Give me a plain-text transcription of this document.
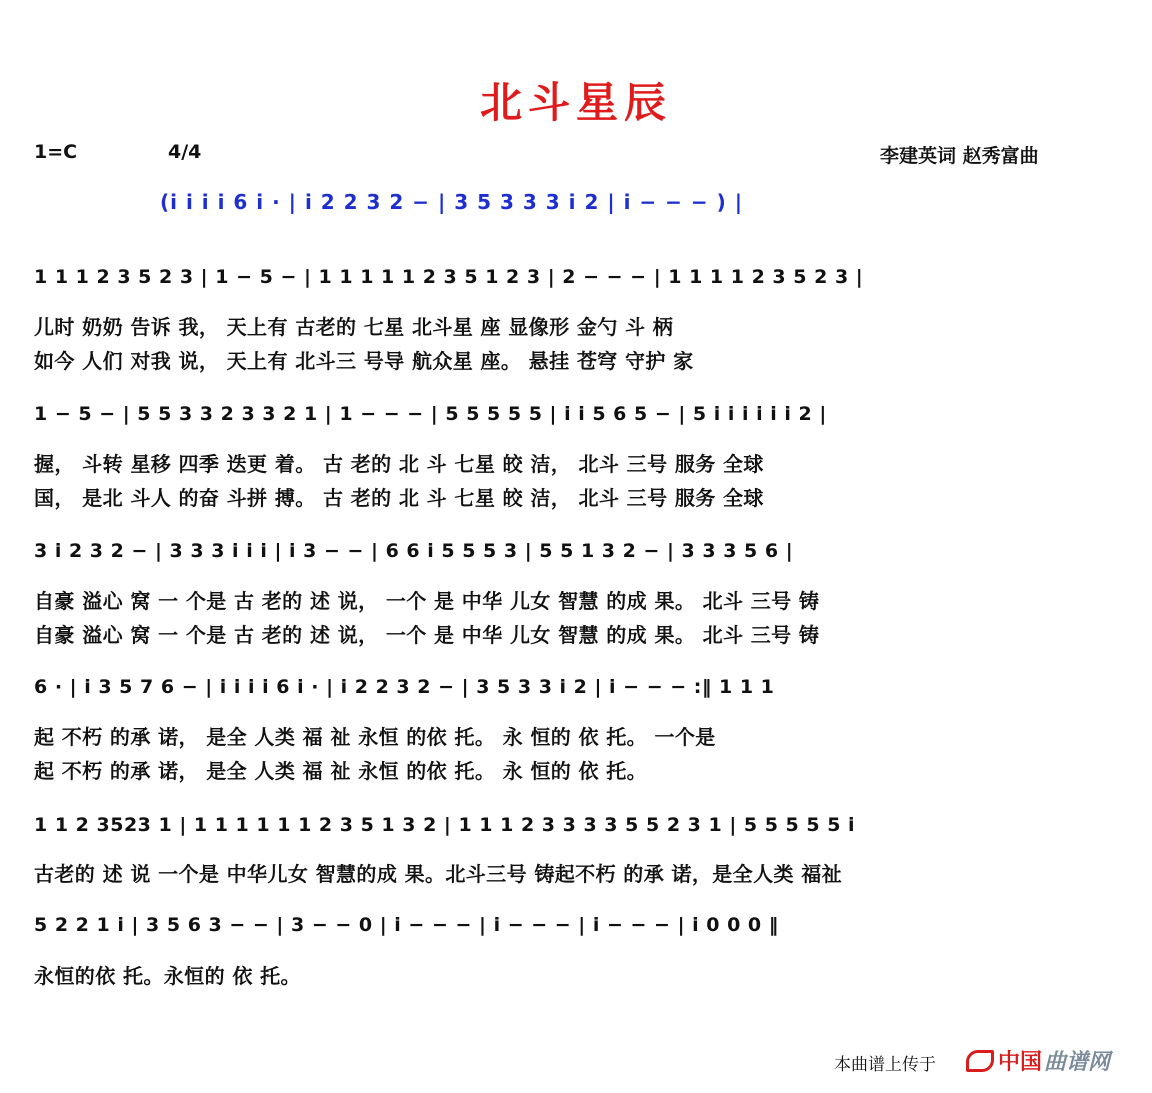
北斗星辰
1=C	4/4	李建英词 赵秀富曲
(i i i i 6 i · | i 2 2 3 2 − | 3 5 3 3 3 i 2 | i − − − ) |
1 1 1 2 3 5 2 3 | 1 − 5 − | 1 1 1 1 1 2 3 5 1 2 3 | 2 − − − | 1 1 1 1 2 3 5 2 3 |
儿时 奶奶 告诉 我， 天上有 古老的 七星 北斗星 座 显像形 金勺 斗 柄
如今 人们 对我 说， 天上有 北斗三 号导 航众星 座。 悬挂 苍穹 守护 家
1 − 5 − | 5 5 3 3 2 3 3 2 1 | 1 − − − | 5 5 5 5 5 | i i 5 6 5 − | 5 i i i i i i 2 |
握， 斗转 星移 四季 迭更 着。 古 老的 北 斗 七星 皎 洁， 北斗 三号 服务 全球
国， 是北 斗人 的奋 斗拼 搏。 古 老的 北 斗 七星 皎 洁， 北斗 三号 服务 全球
3 i 2 3 2 − | 3 3 3 i i i | i 3 − − | 6 6 i 5 5 5 3 | 5 5 1 3 2 − | 3 3 3 5 6 |
自豪 溢心 窝 一 个是 古 老的 述 说， 一个 是 中华 儿女 智慧 的成 果。 北斗 三号 铸
自豪 溢心 窝 一 个是 古 老的 述 说， 一个 是 中华 儿女 智慧 的成 果。 北斗 三号 铸
6 · | i 3 5 7 6 − | i i i i 6 i · | i 2 2 3 2 − | 3 5 3 3 i 2 | i − − − :‖ 1 1 1
起 不朽 的承 诺， 是全 人类 福 祉 永恒 的依 托。 永 恒的 依 托。 一个是
起 不朽 的承 诺， 是全 人类 福 祉 永恒 的依 托。 永 恒的 依 托。
1 1 2 3523 1 | 1 1 1 1 1 1 2 3 5 1 3 2 | 1 1 1 2 3 3 3 3 5 5 2 3 1 | 5 5 5 5 5 i
古老的 述 说 一个是 中华儿女 智慧的成 果。北斗三号 铸起不朽 的承 诺，是全人类 福祉
5 2 2 1 i | 3 5 6 3 − − | 3 − − 0 | i − − − | i − − − | i − − − | i 0 0 0 ‖
永恒的依 托。永恒的 依 托。
本曲谱上传于	中国曲谱网
